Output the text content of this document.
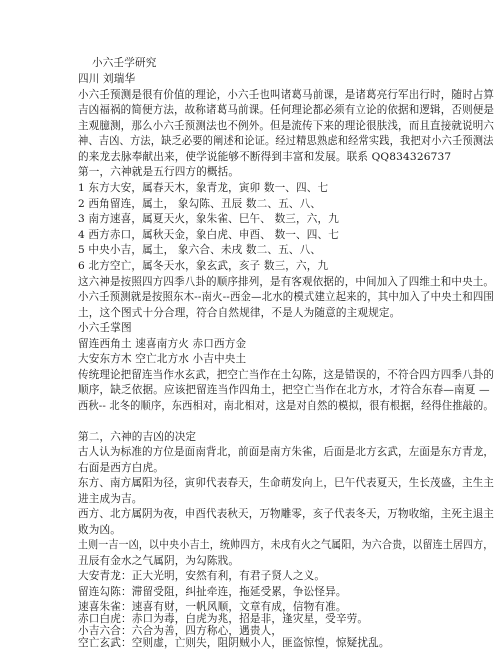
小六壬学研究
四川 刘瑞华
小六壬预测是很有价值的理论，小六壬也叫诸葛马前课，是诸葛亮行军出行时，随时占算
吉凶福祸的简便方法，故称诸葛马前课。任何理论都必须有立论的依据和逻辑，否则便是
主观臆测，那么小六壬预测法也不例外。但是流传下来的理论很肤浅，而且直接就说明六
神、吉凶、方法，缺乏必要的阐述和论证。经过精思熟虑和经常实践，我把对小六壬预测法
的来龙去脉奉献出来，使学说能够不断得到丰富和发展。联系 QQ834326737
第一，六神就是五行四方的概括。
1 东方大安，属春天木，象青龙，寅卯 数一、四、七
2 西角留连，属土， 象勾陈、丑辰 数二、五、八、
3 南方速喜，属夏天火，象朱雀、巳午、 数三，六，九
4 西方赤口，属秋天金，象白虎、申酉、 数一、四、七
5 中央小吉，属土， 象六合、未戌 数二、五、八、
6 北方空亡，属冬天水，象玄武，亥子 数三，六，九
这六神是按照四方四季八卦的顺序排列，是有客观依据的，中间加入了四维土和中央土。
小六壬预测就是按照东木--南火--西金—北水的模式建立起来的，其中加入了中央土和四围
土，这个图式十分合理，符合自然规律，不是人为随意的主观规定。
小六壬掌图
留连西角土 速喜南方火 赤口西方金
大安东方木 空亡北方水 小吉中央土
传统理论把留连当作水玄武，把空亡当作在土勾陈，这是错误的，不符合四方四季八卦的
顺序，缺乏依据。应该把留连当作四角土，把空亡当作在北方水，才符合东春—南夏 —
西秋-- 北冬的顺序，东西相对，南北相对，这是对自然的模拟，很有根据，经得住推敲的。
第二，六神的吉凶的决定
古人认为标准的方位是面南背北，前面是南方朱雀，后面是北方玄武，左面是东方青龙，
右面是西方白虎。
东方、南方属阳为径，寅卯代表春天，生命萌发向上，巳午代表夏天，生长茂盛，主生主
进主成为吉。
西方、北方属阴为夜，申酉代表秋天，万物雕零，亥子代表冬天，万物收缩，主死主退主
败为凶。
土则一吉一凶，以中央小吉土，统帅四方，未戌有火之气属阳，为六合贵，以留连土居四方，
丑辰有金水之气属阴，为勾陈戕。
大安青龙：正大光明，安然有利，有君子贤人之义。
留连勾陈：滞留受阻，纠扯牵连，拖延受累，争讼怪异。
速喜朱雀：速喜有财，一帆风顺，文章有成，信物有准。
赤口白虎：赤口为毒，白虎为兆，招是非，逢灾星，受辛劳。
小吉六合：六合为善，四方称心，遇贵人，
空亡玄武：空则虚，亡则失，阻阴贼小人，匪盗惊惶，惊疑扰乱。
